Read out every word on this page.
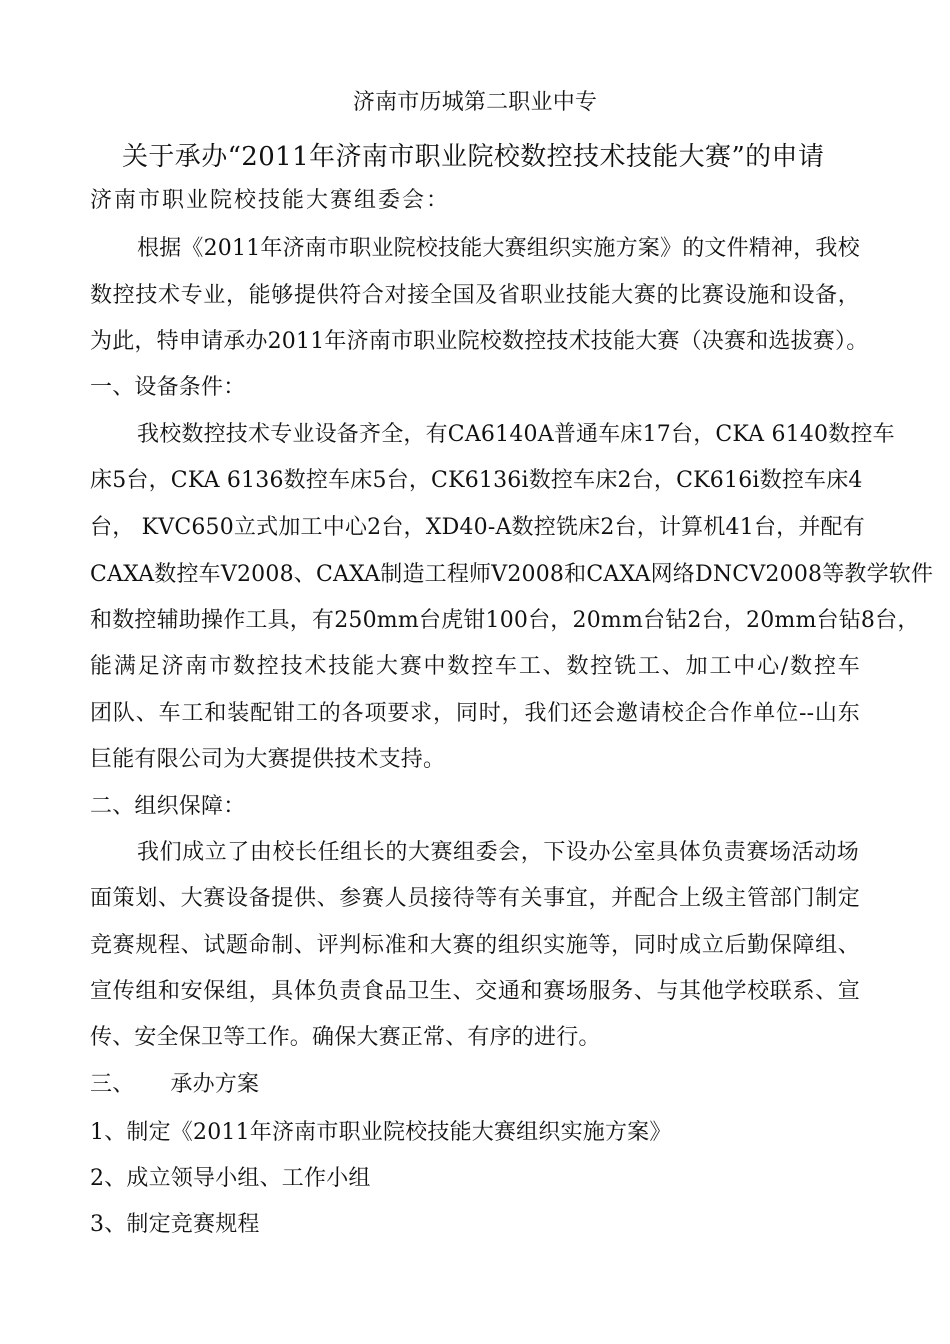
济南市历城第二职业中专
关于承办“2011年济南市职业院校数控技术技能大赛”的申请
济南市职业院校技能大赛组委会：
根据《2011年济南市职业院校技能大赛组织实施方案》的文件精神，我校
数控技术专业，能够提供符合对接全国及省职业技能大赛的比赛设施和设备，
为此，特申请承办2011年济南市职业院校数控技术技能大赛（决赛和选拔赛）。
一、设备条件：
我校数控技术专业设备齐全，有CA6140A普通车床17台，CKA 6140数控车
床5台，CKA 6136数控车床5台，CK6136i数控车床2台，CK616i数控车床4
台， KVC650立式加工中心2台，XD40-A数控铣床2台，计算机41台，并配有
CAXA数控车V2008、CAXA制造工程师V2008和CAXA网络DNCV2008等教学软件
和数控辅助操作工具，有250mm台虎钳100台，20mm台钻2台，20mm台钻8台，
能满足济南市数控技术技能大赛中数控车工、数控铣工、加工中心/数控车
团队、车工和装配钳工的各项要求，同时，我们还会邀请校企合作单位--山东
巨能有限公司为大赛提供技术支持。
二、组织保障：
我们成立了由校长任组长的大赛组委会，下设办公室具体负责赛场活动场
面策划、大赛设备提供、参赛人员接待等有关事宜，并配合上级主管部门制定
竞赛规程、试题命制、评判标准和大赛的组织实施等，同时成立后勤保障组、
宣传组和安保组，具体负责食品卫生、交通和赛场服务、与其他学校联系、宣
传、安全保卫等工作。确保大赛正常、有序的进行。
三、     承办方案
1、制定《2011年济南市职业院校技能大赛组织实施方案》
2、成立领导小组、工作小组
3、制定竞赛规程
